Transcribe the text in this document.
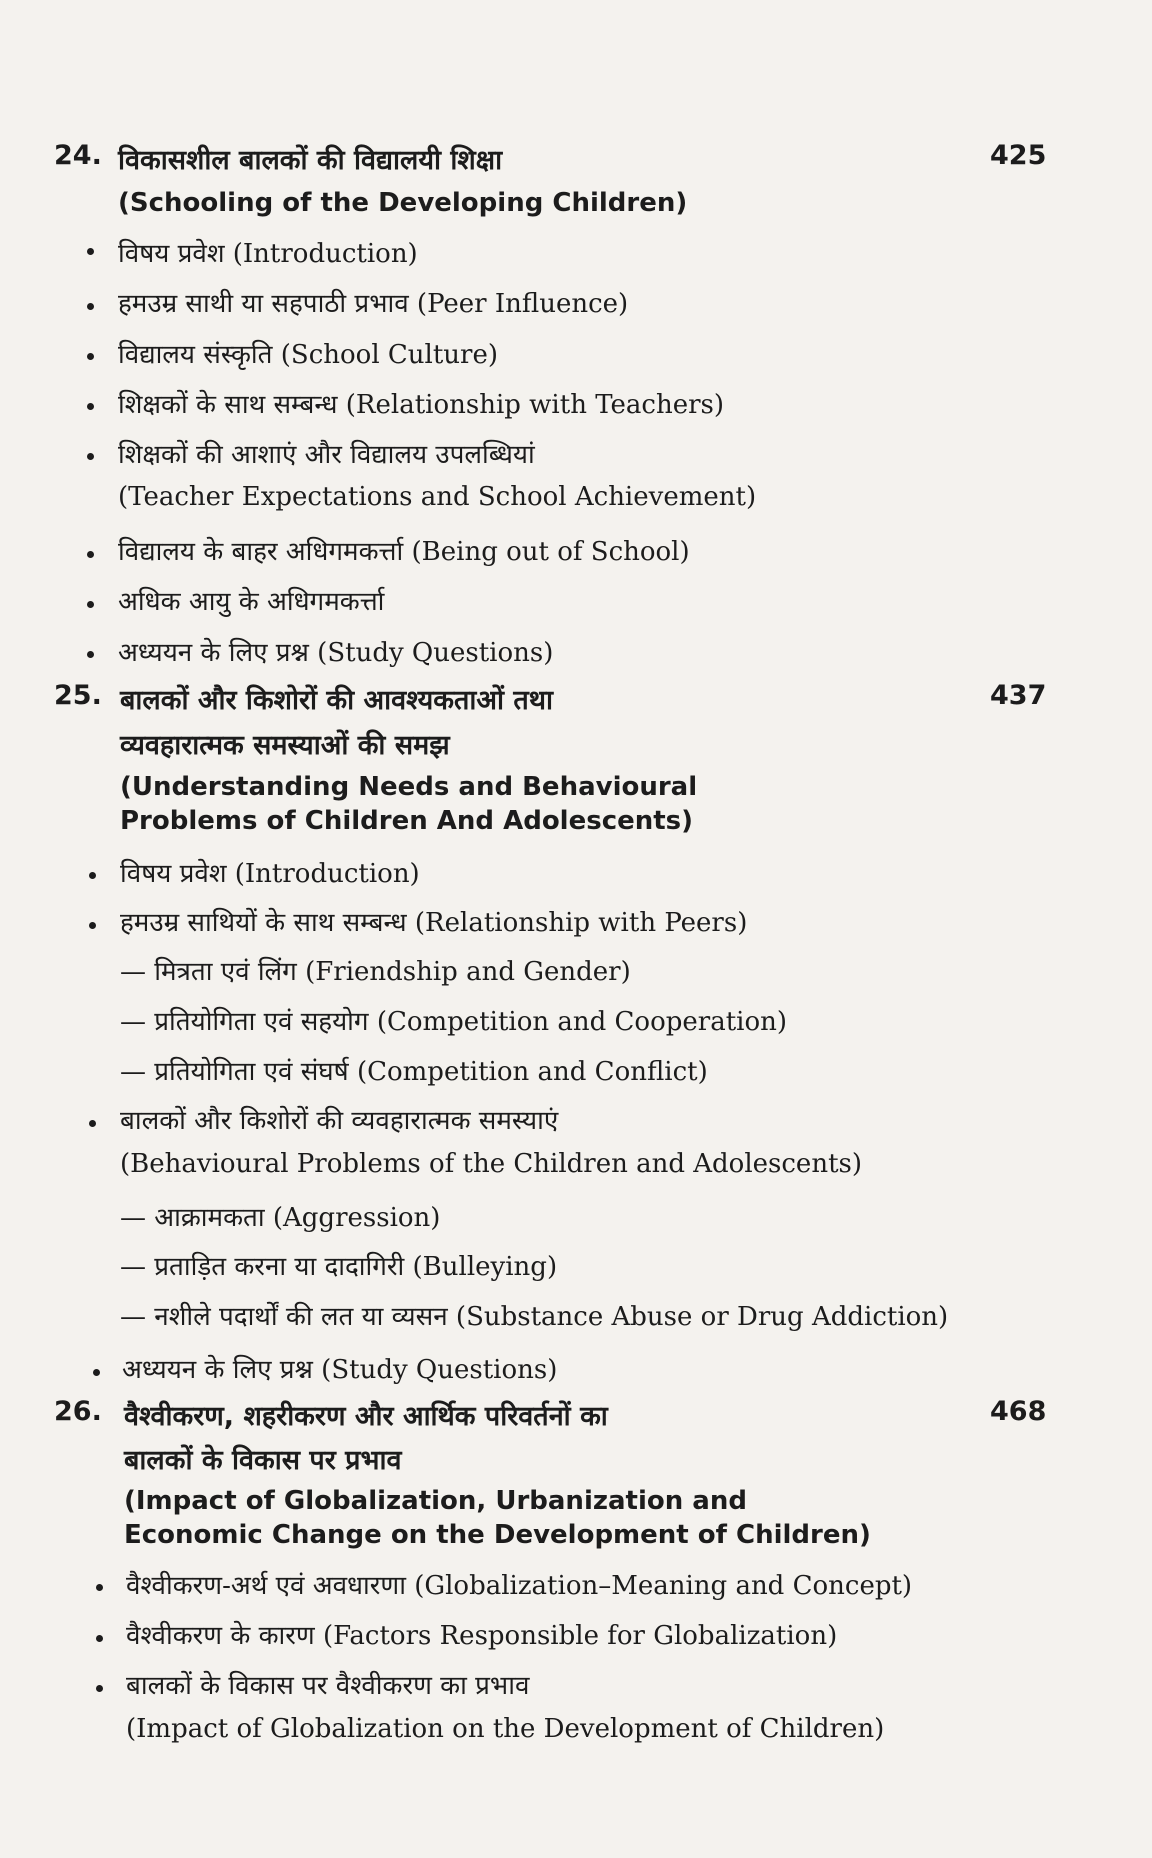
24.	425
विकासशील बालकों की विद्यालयी शिक्षा
(Schooling of the Developing Children)
विषय प्रवेश (Introduction)
हमउम्र साथी या सहपाठी प्रभाव (Peer Influence)
विद्यालय संस्कृति (School Culture)
शिक्षकों के साथ सम्बन्ध (Relationship with Teachers)
शिक्षकों की आशाएं और विद्यालय उपलब्धियां
(Teacher Expectations and School Achievement)
विद्यालय के बाहर अधिगमकर्त्ता (Being out of School)
अधिक आयु के अधिगमकर्त्ता
अध्ययन के लिए प्रश्न (Study Questions)
25.	437
बालकों और किशोरों की आवश्यकताओं तथा
व्यवहारात्मक समस्याओं की समझ
(Understanding Needs and Behavioural
Problems of Children And Adolescents)
विषय प्रवेश (Introduction)
हमउम्र साथियों के साथ सम्बन्ध (Relationship with Peers)
— मित्रता एवं लिंग (Friendship and Gender)
— प्रतियोगिता एवं सहयोग (Competition and Cooperation)
— प्रतियोगिता एवं संघर्ष (Competition and Conflict)
बालकों और किशोरों की व्यवहारात्मक समस्याएं
(Behavioural Problems of the Children and Adolescents)
— आक्रामकता (Aggression)
— प्रताड़ित करना या दादागिरी (Bulleying)
— नशीले पदार्थों की लत या व्यसन (Substance Abuse or Drug Addiction)
अध्ययन के लिए प्रश्न (Study Questions)
26.	468
वैश्वीकरण, शहरीकरण और आर्थिक परिवर्तनों का
बालकों के विकास पर प्रभाव
(Impact of Globalization, Urbanization and
Economic Change on the Development of Children)
वैश्वीकरण-अर्थ एवं अवधारणा (Globalization–Meaning and Concept)
वैश्वीकरण के कारण (Factors Responsible for Globalization)
बालकों के विकास पर वैश्वीकरण का प्रभाव
(Impact of Globalization on the Development of Children)
